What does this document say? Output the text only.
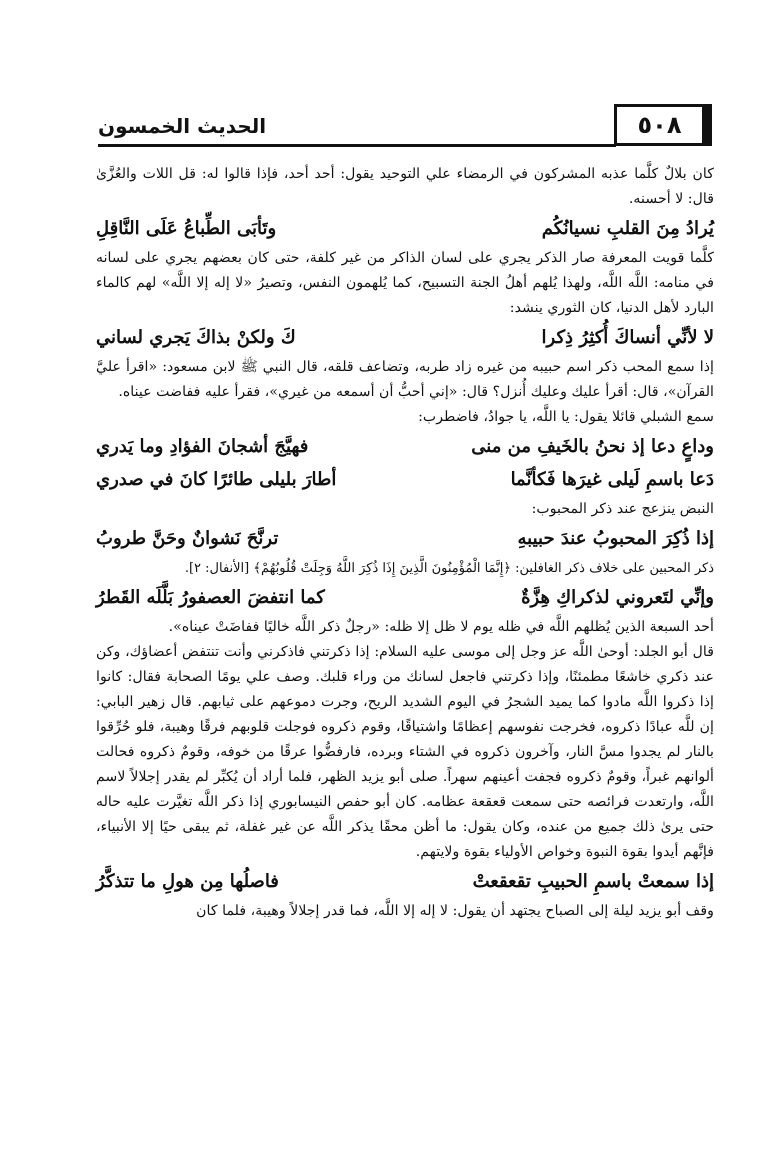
٥٠٨
الحديث الخمسون

كان بلالٌ كلَّما عذبه المشركون في الرمضاء علي التوحيد يقول: أحد أحد، فإذا قالوا له: قل اللات والعُزَّىٰ قال: لا أحسنه.

يُرادُ مِنَ القلبِ نسيانُكُم
وتَأبَى الطِّباعُ عَلَى النَّاقِلِ

كلَّما قويت المعرفة صار الذكر يجري على لسان الذاكر من غير كلفة، حتى كان بعضهم يجري على لسانه في منامه: اللَّه اللَّه، ولهذا يُلهم أهلُ الجنة التسبيح، كما يُلهمون النفس، وتصيرُ «لا إله إلا اللَّه» لهم كالماء البارد لأهل الدنيا، كان الثوري ينشد:

لا لأنِّي أنساكَ أُكثِرُ ذِكرا
كَ ولكنْ بذاكَ يَجري لساني

إذا سمع المحب ذكر اسم حبيبه من غيره زاد طربه، وتضاعف قلقه، قال النبي ﷺ لابن مسعود: «اقرأ عليَّ القرآن»، قال: أقرأ عليك وعليك أُنزل؟ قال: «إني أحبُّ أن أسمعه من غيري»، فقرأ عليه ففاضت عيناه.

سمع الشبلي قائلا يقول: يا اللَّه، يا جوادُ، فاضطرب:

وداعٍ دعا إذ نحنُ بالخَيفِ من منى
فهيَّجَ أشجانَ الفؤادِ وما يَدري
دَعا باسمِ لَيلى غيرَها فَكأنَّما
أطارَ بليلى طائرًا كانَ في صدري

النبض ينزعج عند ذكر المحبوب:

إذا ذُكِرَ المحبوبُ عندَ حبيبهِ
ترنَّحَ نَشوانٌ وحَنَّ طروبُ

ذكر المحبين على خلاف ذكر الغافلين: ﴿إِنَّمَا الْمُؤْمِنُونَ الَّذِينَ إِذَا ذُكِرَ اللَّهُ وَجِلَتْ قُلُوبُهُمْ﴾ [الأنفال: ٢].

وإنِّي لتَعروني لذكراكِ هِزَّةٌ
كما انتفضَ العصفورُ بَلَّلَه القَطرُ

أحد السبعة الذين يُظلهم اللَّه في ظله يوم لا ظل إلا ظله: «رجلٌ ذكر اللَّه خاليًا ففاضَتْ عيناه».

قال أبو الجلد: أوحىٰ اللَّه عز وجل إلى موسى عليه السلام: إذا ذكرتني فاذكرني وأنت تنتفض أعضاؤك، وكن عند ذكري خاشعًا مطمئنًا، وإذا ذكرتني فاجعل لسانك من وراء قلبك. وصف علي يومًا الصحابة فقال: كانوا إذا ذكروا اللَّه مادوا كما يميد الشجرُ في اليوم الشديد الريح، وجرت دموعهم على ثيابهم. قال زهير البابي: إن للَّه عبادًا ذكروه، فخرجت نفوسهم إعظامًا واشتياقًا، وقوم ذكروه فوجلت قلوبهم فرقًا وهيبة، فلو حُرِّقوا بالنار لم يجدوا مسَّ النار، وآخرون ذكروه في الشتاء وبرده، فارفضُّوا عرقًا من خوفه، وقومٌ ذكروه فحالت ألوانهم غبراً، وقومٌ ذكروه فجفت أعينهم سهراً. صلى أبو يزيد الظهر، فلما أراد أن يُكبِّر لم يقدر إجلالاً لاسم اللَّه، وارتعدت فرائصه حتى سمعت قعقعة عظامه. كان أبو حفص النيسابوري إذا ذكر اللَّه تغيَّرت عليه حاله حتى يرىٰ ذلك جميع من عنده، وكان يقول: ما أظن محقًا يذكر اللَّه عن غير غفلة، ثم يبقى حيًا إلا الأنبياء، فإنَّهم أيدوا بقوة النبوة وخواص الأولياء بقوة ولايتهم.

إذا سمعتْ باسمِ الحبيبِ تقعقعتْ
فاصلُها مِن هولِ ما تتذكَّرُ

وقف أبو يزيد ليلة إلى الصباح يجتهد أن يقول: لا إله إلا اللَّه، فما قدر إجلالاً وهيبة، فلما كان
